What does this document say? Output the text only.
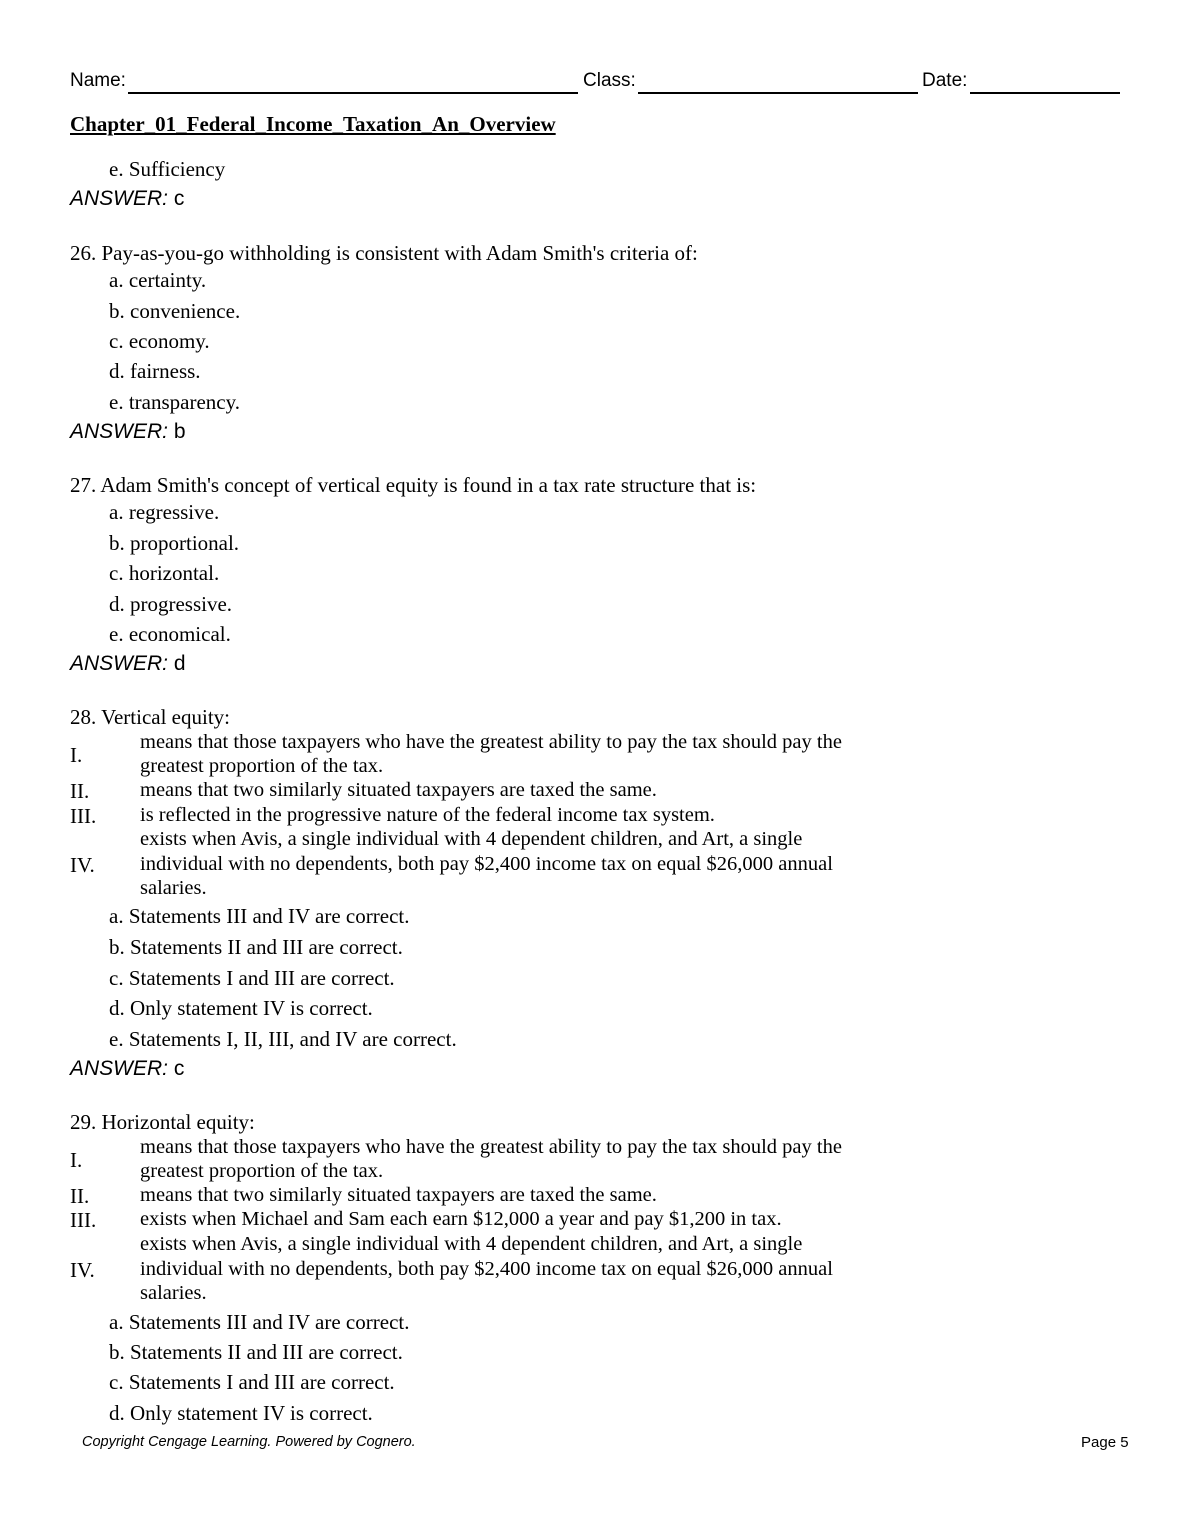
Name:	Class:	Date:
Chapter_01_Federal_Income_Taxation_An_Overview
e. Sufficiency
ANSWER: c
26. Pay-as-you-go withholding is consistent with Adam Smith's criteria of:
a. certainty.
b. convenience.
c. economy.
d. fairness.
e. transparency.
ANSWER: b
27. Adam Smith's concept of vertical equity is found in a tax rate structure that is:
a. regressive.
b. proportional.
c. horizontal.
d. progressive.
e. economical.
ANSWER: d
28. Vertical equity:
I.
means that those taxpayers who have the greatest ability to pay the tax should pay the
greatest proportion of the tax.
II. means that two similarly situated taxpayers are taxed the same.
III. is reflected in the progressive nature of the federal income tax system.
IV.
exists when Avis, a single individual with 4 dependent children, and Art, a single
individual with no dependents, both pay $2,400 income tax on equal $26,000 annual
salaries.
a. Statements III and IV are correct.
b. Statements II and III are correct.
c. Statements I and III are correct.
d. Only statement IV is correct.
e. Statements I, II, III, and IV are correct.
ANSWER: c
29. Horizontal equity:
I.
means that those taxpayers who have the greatest ability to pay the tax should pay the
greatest proportion of the tax.
II. means that two similarly situated taxpayers are taxed the same.
III. exists when Michael and Sam each earn $12,000 a year and pay $1,200 in tax.
IV.
exists when Avis, a single individual with 4 dependent children, and Art, a single
individual with no dependents, both pay $2,400 income tax on equal $26,000 annual
salaries.
a. Statements III and IV are correct.
b. Statements II and III are correct.
c. Statements I and III are correct.
d. Only statement IV is correct.
Copyright Cengage Learning. Powered by Cognero.	Page 5
